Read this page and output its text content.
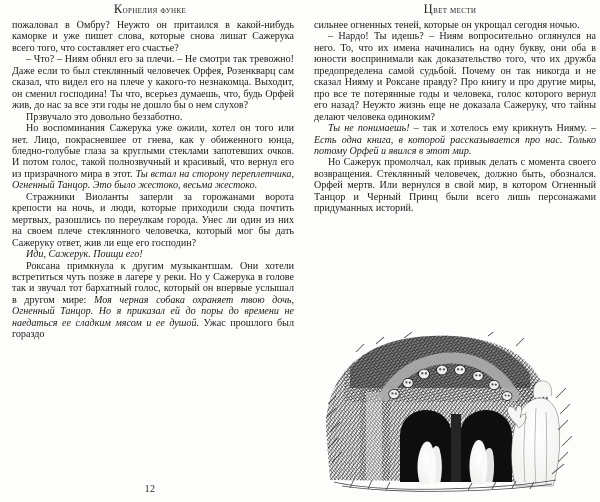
Корнелия функе	цвет мести

пожаловал в Омбру? Неужто он притаился в какой-нибудь каморке и уже пишет слова, которые снова лишат Сажерука всего того, что составляет его счастье?

– Что? – Ниям обнял его за плечи. – Не смотри так тревожно! Даже если то был стеклянный человечек Орфея, Розенкварц сам сказал, что видел его на плече у какого-то незнакомца. Выходит, он сменил господина! Ты что, всерьез думаешь, что, будь Орфей жив, до нас за все эти годы не дошло бы о нем слухов?

Прзвучало это довольно беззаботно.

Но воспоминания Сажерука уже ожили, хотел он того или нет. Лицо, покрасневшее от гнева, как у обиженного юнца, бледно-голубые глаза за круглыми стеклами запотевших очков. И потом голос, такой полнозвучный и красивый, что вернул его из призрачного мира в этот. Ты встал на сторону переплетчика, Огненный Танцор. Это было жестоко, весьма жестоко.

Стражники Виоланты заперли за горожанами ворота крепости на ночь, и люди, которые приходили сюда почтить мертвых, разошлись по переулкам города. Унес ли один из них на своем плече стеклянного человечка, который мог бы дать Сажеруку ответ, жив ли еще его господин?

Иди, Сажерук. Поищи его!

Роксана примкнула к другим музыкантшам. Они хотели встретиться чуть позже в лагере у реки. Но у Сажерука в голове так и звучал тот бархатный голос, который он впервые услышал в другом мире: Моя черная собака охраняет твою дочь, Огненный Танцор. Но я приказал ей до поры до времени не наедаться ее сладким мясом и ее душой. Ужас прошлого был гораздо

сильнее огненных теней, которые он укрощал сегодня ночью.

– Нардо! Ты идешь? – Ниям вопросительно оглянулся на него. То, что их имена начинались на одну букву, они оба в юности воспринимали как доказательство того, что их дружба предопределена самой судьбой. Почему он так никогда и не сказал Нияму и Роксане правду? Про книгу и про другие миры, про все те потерянные годы и человека, голос которого вернул его назад? Неужто жизнь еще не доказала Сажеруку, что тайны делают человека одиноким?

Ты не понимаешь! – так и хотелось ему крикнуть Нияму. – Есть одна книга, в которой рассказывается про нас. Только потому Орфей и явился в этот мир.

Но Сажерук промолчал, как привык делать с момента своего возвращения. Стеклянный человечек, должно быть, обознался. Орфей мертв. Или вернулся в свой мир, в котором Огненный Танцор и Черный Принц были всего лишь персонажами придуманных историй.

12
